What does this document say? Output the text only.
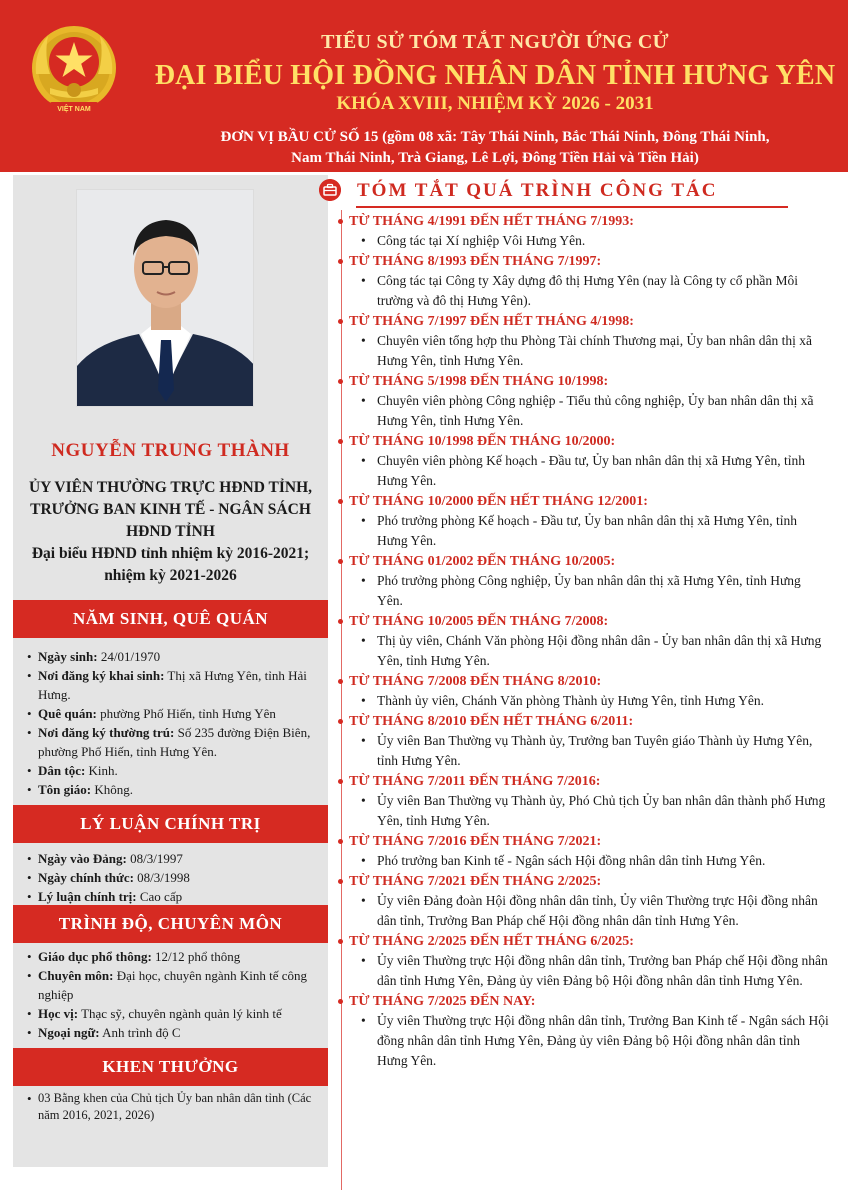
VIỆT NAM
TIỂU SỬ TÓM TẮT NGƯỜI ỨNG CỬ
ĐẠI BIỂU HỘI ĐỒNG NHÂN DÂN TỈNH HƯNG YÊN
KHÓA XVIII, NHIỆM KỲ 2026 - 2031
ĐƠN VỊ BẦU CỬ SỐ 15 (gồm 08 xã: Tây Thái Ninh, Bắc Thái Ninh, Đông Thái Ninh,
Nam Thái Ninh, Trà Giang, Lê Lợi, Đông Tiền Hải và Tiền Hải)
NGUYỄN TRUNG THÀNH
ỦY VIÊN THƯỜNG TRỰC HĐND TỈNH,
TRƯỞNG BAN KINH TẾ - NGÂN SÁCH
HĐND TỈNH
Đại biểu HĐND tỉnh nhiệm kỳ 2016-2021;
nhiệm kỳ 2021-2026
NĂM SINH, QUÊ QUÁN
• Ngày sinh: 24/01/1970
• Nơi đăng ký khai sinh: Thị xã Hưng Yên, tỉnh Hải Hưng.
• Quê quán: phường Phố Hiến, tỉnh Hưng Yên
• Nơi đăng ký thường trú: Số 235 đường Điện Biên, phường Phố Hiến, tỉnh Hưng Yên.
• Dân tộc: Kinh.
• Tôn giáo: Không.
LÝ LUẬN CHÍNH TRỊ
• Ngày vào Đảng: 08/3/1997
• Ngày chính thức: 08/3/1998
• Lý luận chính trị: Cao cấp
TRÌNH ĐỘ, CHUYÊN MÔN
• Giáo dục phổ thông: 12/12 phổ thông
• Chuyên môn: Đại học, chuyên ngành Kinh tế công nghiệp
• Học vị: Thạc sỹ, chuyên ngành quản lý kinh tế
• Ngoại ngữ: Anh trình độ C
KHEN THƯỞNG
• 03 Bằng khen của Chủ tịch Ủy ban nhân dân tỉnh (Các năm 2016, 2021, 2026)
TÓM TẮT QUÁ TRÌNH CÔNG TÁC
TỪ THÁNG 4/1991 ĐẾN HẾT THÁNG 7/1993:
• Công tác tại Xí nghiệp Vôi Hưng Yên.
TỪ THÁNG 8/1993 ĐẾN THÁNG 7/1997:
• Công tác tại Công ty Xây dựng đô thị Hưng Yên (nay là Công ty cổ phần Môi trường và đô thị Hưng Yên).
TỪ THÁNG 7/1997 ĐẾN HẾT THÁNG 4/1998:
• Chuyên viên tổng hợp thu Phòng Tài chính Thương mại, Ủy ban nhân dân thị xã Hưng Yên, tỉnh Hưng Yên.
TỪ THÁNG 5/1998 ĐẾN THÁNG 10/1998:
• Chuyên viên phòng Công nghiệp - Tiểu thủ công nghiệp, Ủy ban nhân dân thị xã Hưng Yên, tỉnh Hưng Yên.
TỪ THÁNG 10/1998 ĐẾN THÁNG 10/2000:
• Chuyên viên phòng Kế hoạch - Đầu tư, Ủy ban nhân dân thị xã Hưng Yên, tỉnh Hưng Yên.
TỪ THÁNG 10/2000 ĐẾN HẾT THÁNG 12/2001:
• Phó trưởng phòng Kế hoạch - Đầu tư, Ủy ban nhân dân thị xã Hưng Yên, tỉnh Hưng Yên.
TỪ THÁNG 01/2002 ĐẾN THÁNG 10/2005:
• Phó trưởng phòng Công nghiệp, Ủy ban nhân dân thị xã Hưng Yên, tỉnh Hưng Yên.
TỪ THÁNG 10/2005 ĐẾN THÁNG 7/2008:
• Thị ủy viên, Chánh Văn phòng Hội đồng nhân dân - Ủy ban nhân dân thị xã Hưng Yên, tỉnh Hưng Yên.
TỪ THÁNG 7/2008 ĐẾN THÁNG 8/2010:
• Thành ủy viên, Chánh Văn phòng Thành ủy Hưng Yên, tỉnh Hưng Yên.
TỪ THÁNG 8/2010 ĐẾN HẾT THÁNG 6/2011:
• Ủy viên Ban Thường vụ Thành ủy, Trưởng ban Tuyên giáo Thành ủy Hưng Yên, tỉnh Hưng Yên.
TỪ THÁNG 7/2011 ĐẾN THÁNG 7/2016:
• Ủy viên Ban Thường vụ Thành ủy, Phó Chủ tịch Ủy ban nhân dân thành phố Hưng Yên, tỉnh Hưng Yên.
TỪ THÁNG 7/2016 ĐẾN THÁNG 7/2021:
• Phó trưởng ban Kinh tế - Ngân sách Hội đồng nhân dân tỉnh Hưng Yên.
TỪ THÁNG 7/2021 ĐẾN THÁNG 2/2025:
• Ủy viên Đảng đoàn Hội đồng nhân dân tỉnh, Ủy viên Thường trực Hội đồng nhân dân tỉnh, Trưởng Ban Pháp chế Hội đồng nhân dân tỉnh Hưng Yên.
TỪ THÁNG 2/2025 ĐẾN HẾT THÁNG 6/2025:
• Ủy viên Thường trực Hội đồng nhân dân tỉnh, Trưởng ban Pháp chế Hội đồng nhân dân tỉnh Hưng Yên, Đảng ủy viên Đảng bộ Hội đồng nhân dân tỉnh Hưng Yên.
TỪ THÁNG 7/2025 ĐẾN NAY:
• Ủy viên Thường trực Hội đồng nhân dân tỉnh, Trưởng Ban Kinh tế - Ngân sách Hội đồng nhân dân tỉnh Hưng Yên, Đảng ủy viên Đảng bộ Hội đồng nhân dân tỉnh Hưng Yên.
